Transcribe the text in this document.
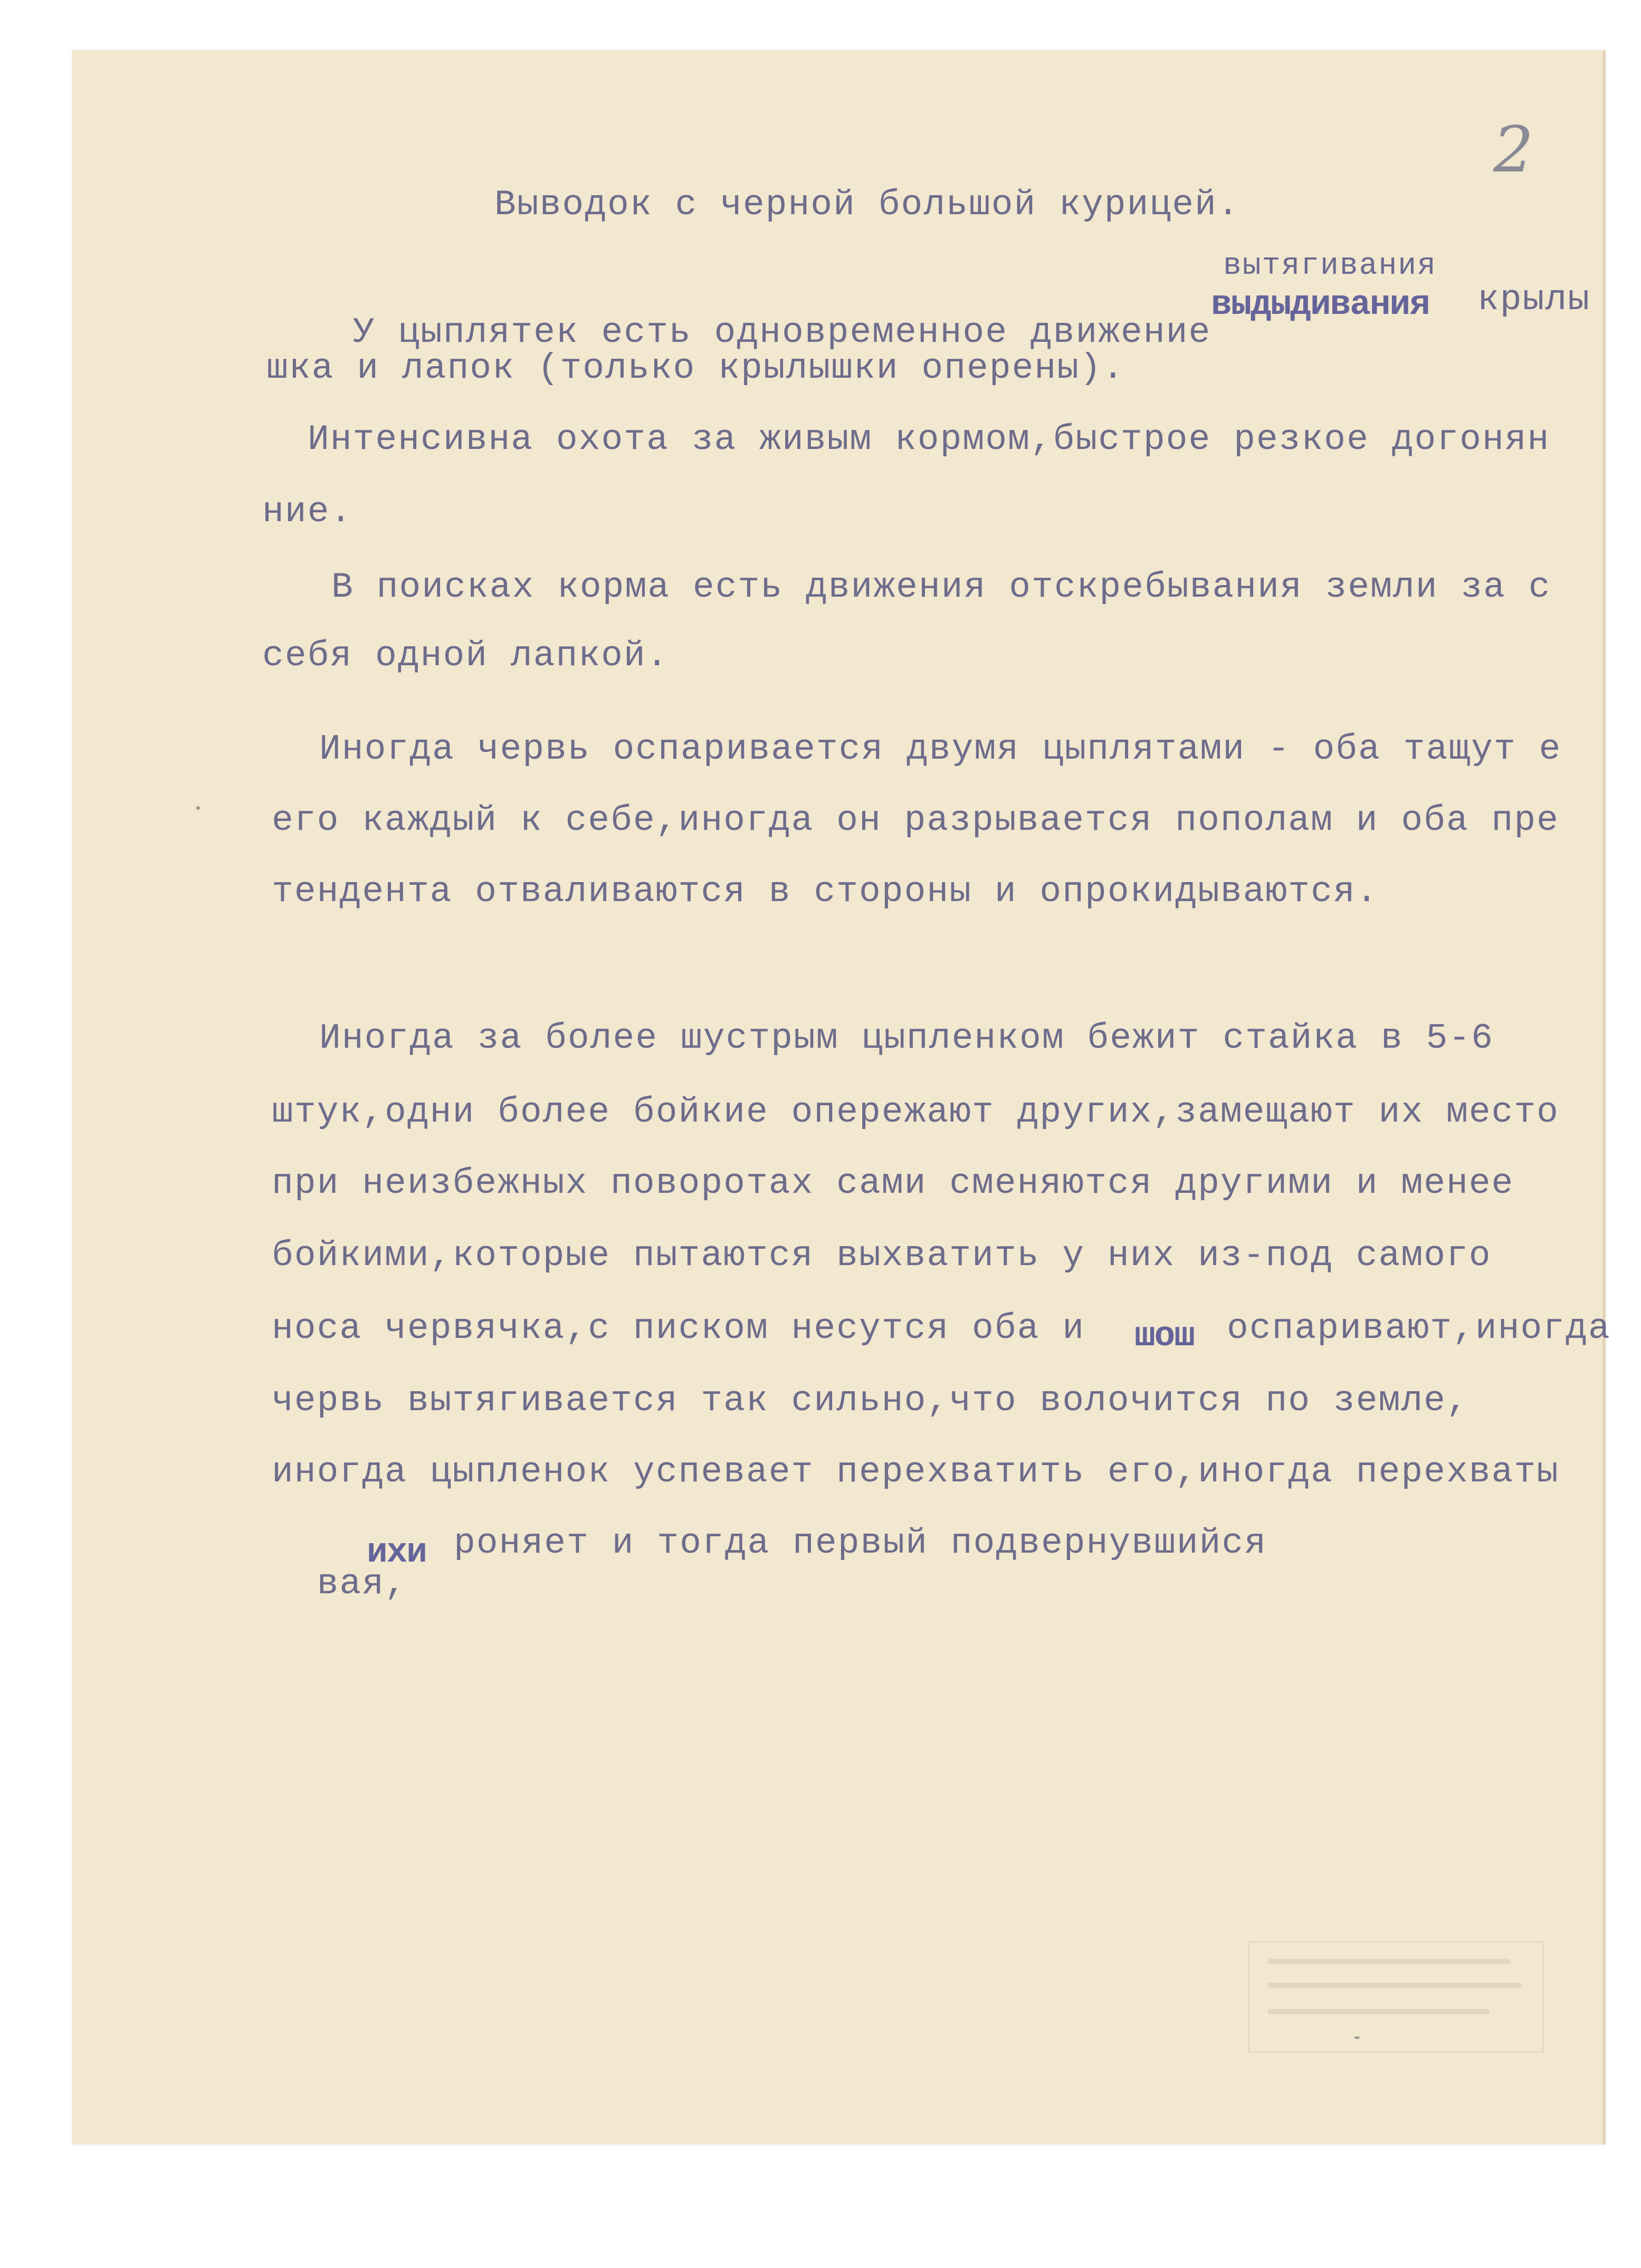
2
Выводок с черной большой курицей.
вытягивания

У цыплятек есть одновременное движение

выдыдивания крылы
шка и лапок (только крылышки оперены).
Интенсивна охота за живым кормом,быстрое резкое догонян
ние.
В поисках корма есть движения отскребывания земли за с
себя одной лапкой.
Иногда червь оспаривается двумя цыплятами - оба тащут е
его каждый к себе,иногда он разрывается пополам и оба пре
тендента отваливаются в стороны и опрокидываются.
Иногда за более шустрым цыпленком бежит стайка в 5-6
штук,одни более бойкие опережают других,замещают их место
при неизбежных поворотах сами сменяются другими и менее
бойкими,которые пытаются выхватить у них из-под самого
носа червячка,с писком несутся оба и шош оспаривают,иногда
червь вытягивается так сильно,что волочится по земле,
иногда цыпленок успевает перехватить его,иногда перехваты

вая,

ихи роняет и тогда первый подвернувшийся
